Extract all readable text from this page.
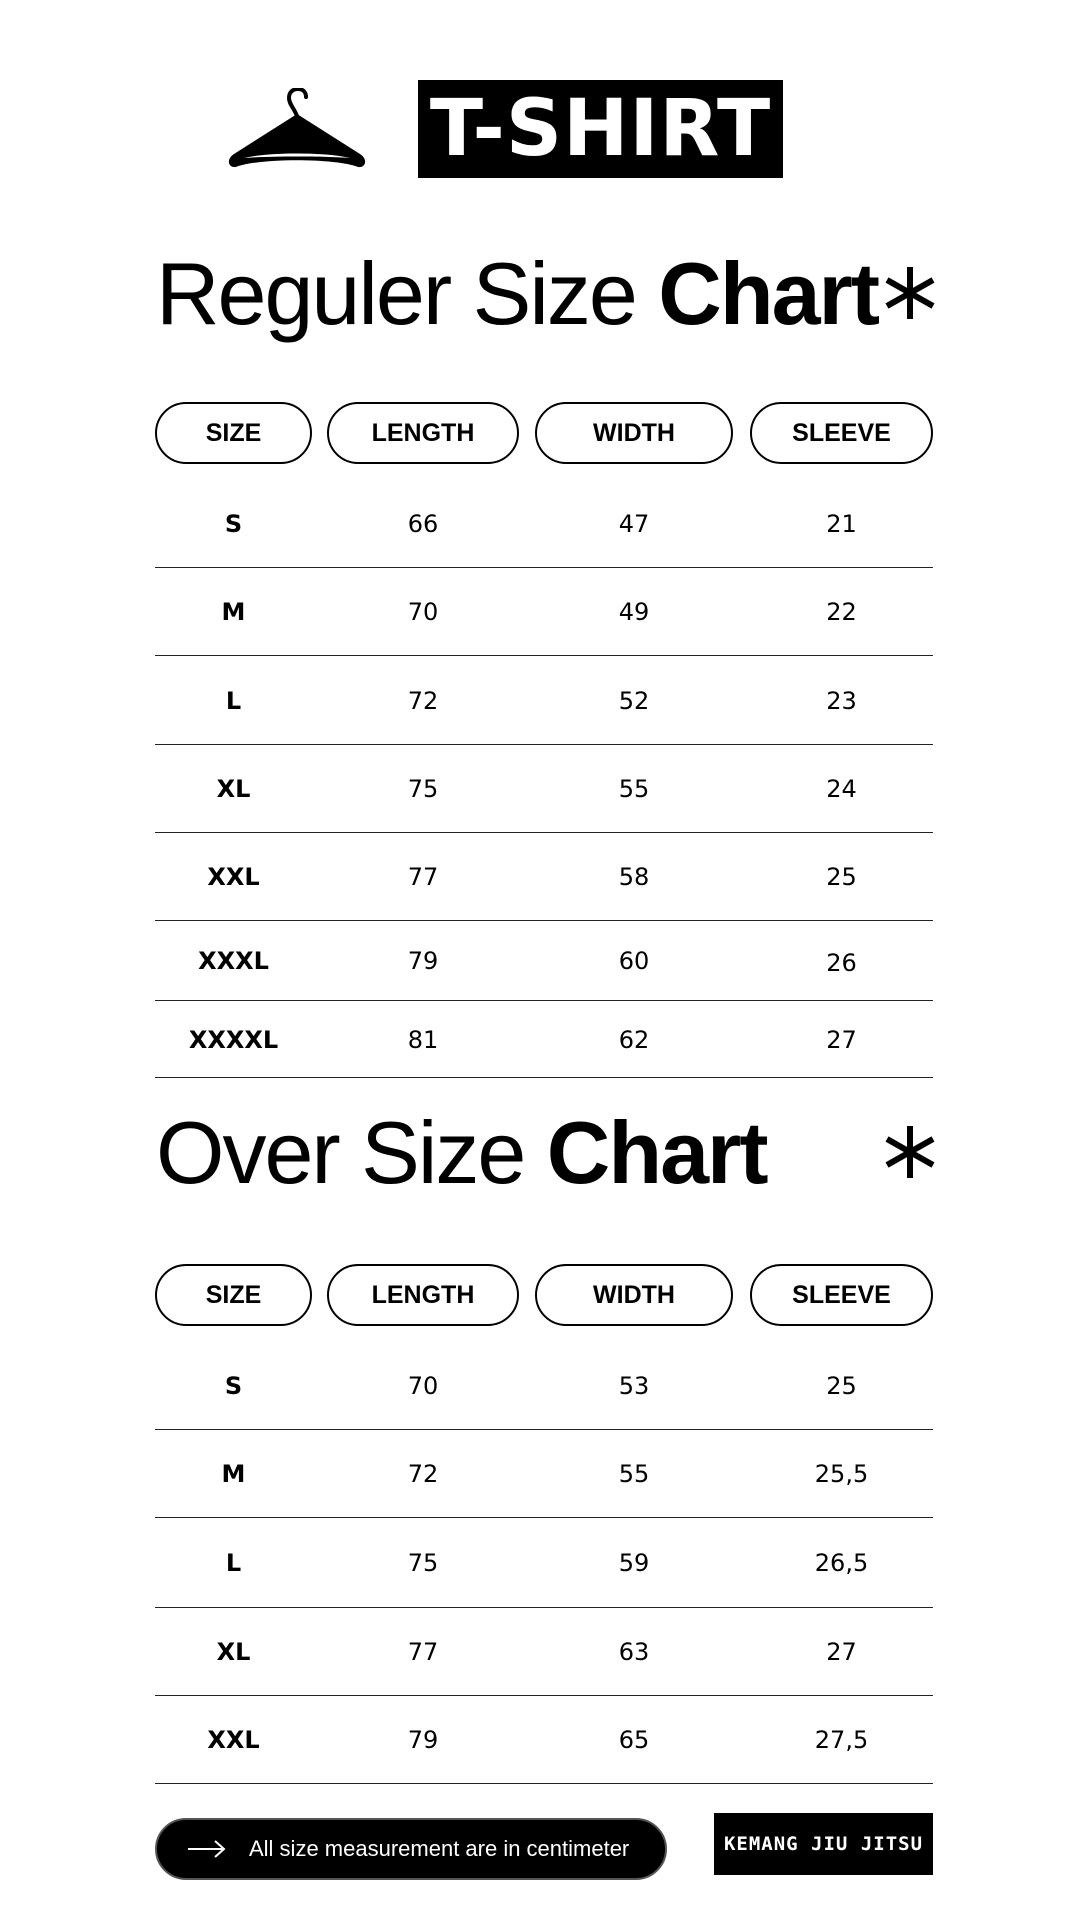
T-SHIRT
Reguler Size Chart
SIZE	LENGTH	WIDTH	SLEEVE
S	66	47	21
M	70	49	22
L	72	52	23
XL	75	55	24
XXL	77	58	25
XXXL	79	60	26
XXXXL	81	62	27
Over Size Chart
SIZE	LENGTH	WIDTH	SLEEVE
S	70	53	25
M	72	55	25,5
L	75	59	26,5
XL	77	63	27
XXL	79	65	27,5
All size measurement are in centimeter	KEMANG JIU JITSU
